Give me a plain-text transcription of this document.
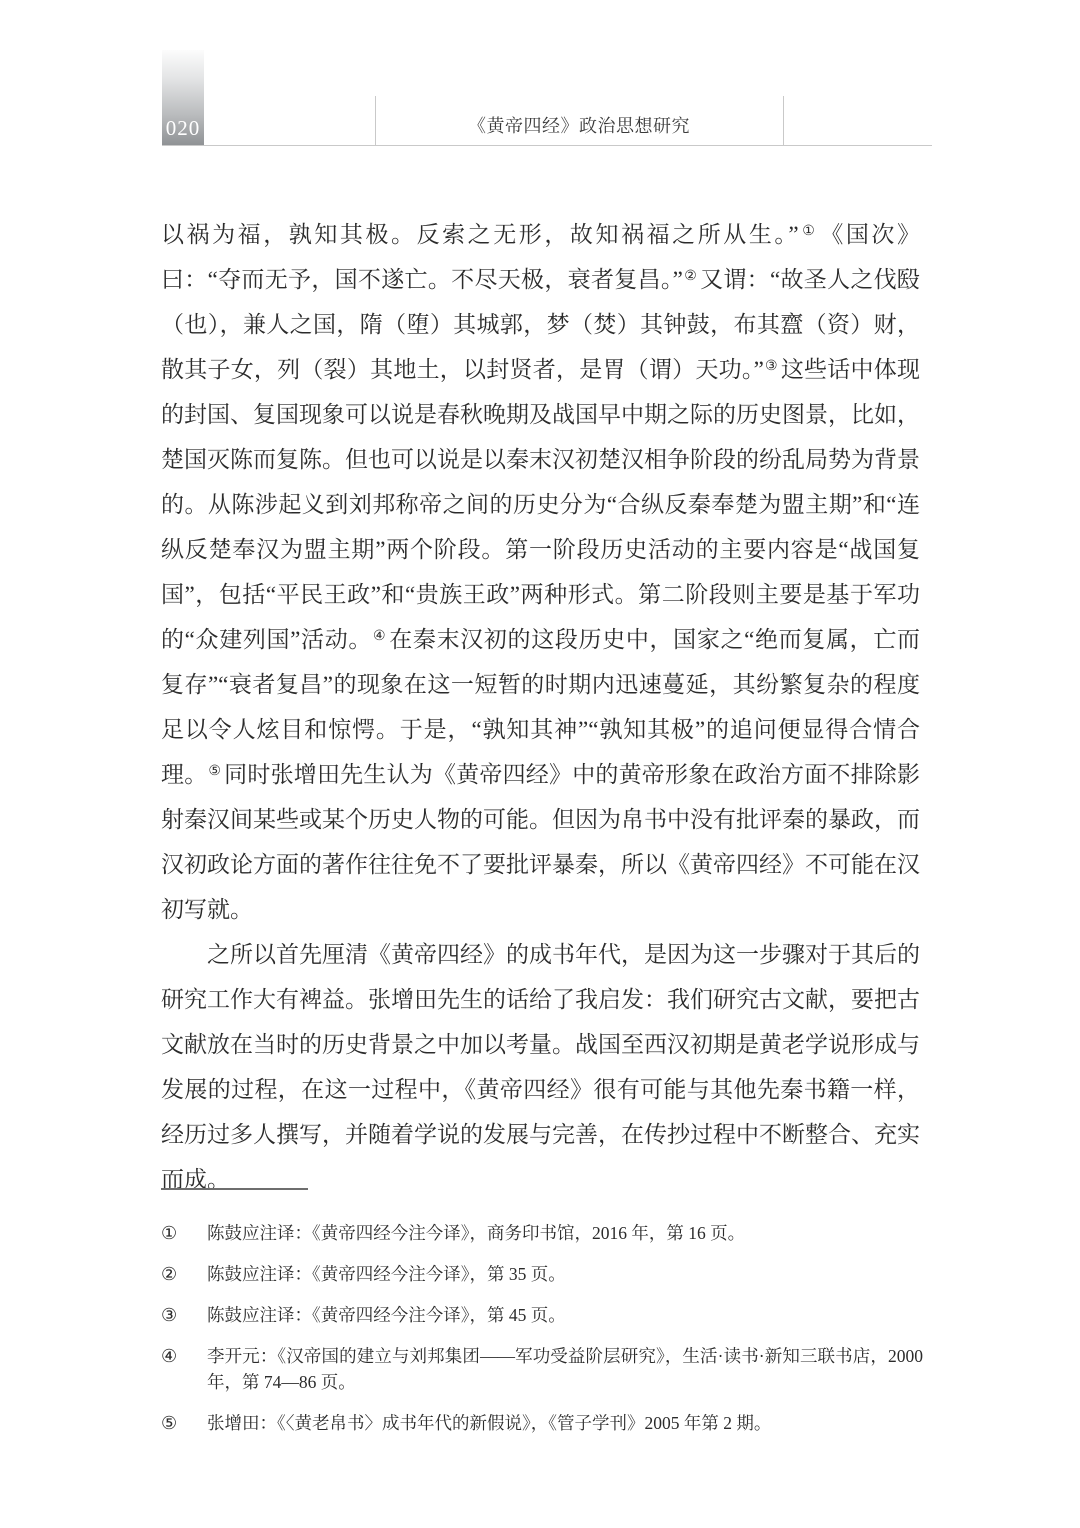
020	《黄帝四经》政治思想研究

以祸为福，孰知其极。反索之无形，故知祸福之所从生。”① 《国次》曰：“夺而无予，国不遂亡。不尽天极，衰者复昌。”② 又谓：“故圣人之伐殹（也），兼人之国，隋（堕）其城郭，梦（焚）其钟鼓，布其齍（资）财，散其子女，列（裂）其地土，以封贤者，是胃（谓）天功。”③ 这些话中体现的封国、复国现象可以说是春秋晚期及战国早中期之际的历史图景，比如，楚国灭陈而复陈。但也可以说是以秦末汉初楚汉相争阶段的纷乱局势为背景的。从陈涉起义到刘邦称帝之间的历史分为“合纵反秦奉楚为盟主期”和“连纵反楚奉汉为盟主期”两个阶段。第一阶段历史活动的主要内容是“战国复国”，包括“平民王政”和“贵族王政”两种形式。第二阶段则主要是基于军功的“众建列国”活动。④ 在秦末汉初的这段历史中，国家之“绝而复属，亡而复存”“衰者复昌”的现象在这一短暂的时期内迅速蔓延，其纷繁复杂的程度足以令人炫目和惊愕。于是，“孰知其神”“孰知其极”的追问便显得合情合理。⑤ 同时张增田先生认为《黄帝四经》中的黄帝形象在政治方面不排除影射秦汉间某些或某个历史人物的可能。但因为帛书中没有批评秦的暴政，而汉初政论方面的著作往往免不了要批评暴秦，所以《黄帝四经》不可能在汉初写就。

之所以首先厘清《黄帝四经》的成书年代，是因为这一步骤对于其后的研究工作大有裨益。张增田先生的话给了我启发：我们研究古文献，要把古文献放在当时的历史背景之中加以考量。战国至西汉初期是黄老学说形成与发展的过程，在这一过程中，《黄帝四经》很有可能与其他先秦书籍一样，经历过多人撰写，并随着学说的发展与完善，在传抄过程中不断整合、充实而成。

①	陈鼓应注译：《黄帝四经今注今译》，商务印书馆，2016 年，第 16 页。
②	陈鼓应注译：《黄帝四经今注今译》，第 35 页。
③	陈鼓应注译：《黄帝四经今注今译》，第 45 页。
④	李开元：《汉帝国的建立与刘邦集团——军功受益阶层研究》，生活·读书·新知三联书店，2000 年，第 74—86 页。
⑤	张增田：《〈黄老帛书〉成书年代的新假说》，《管子学刊》2005 年第 2 期。
